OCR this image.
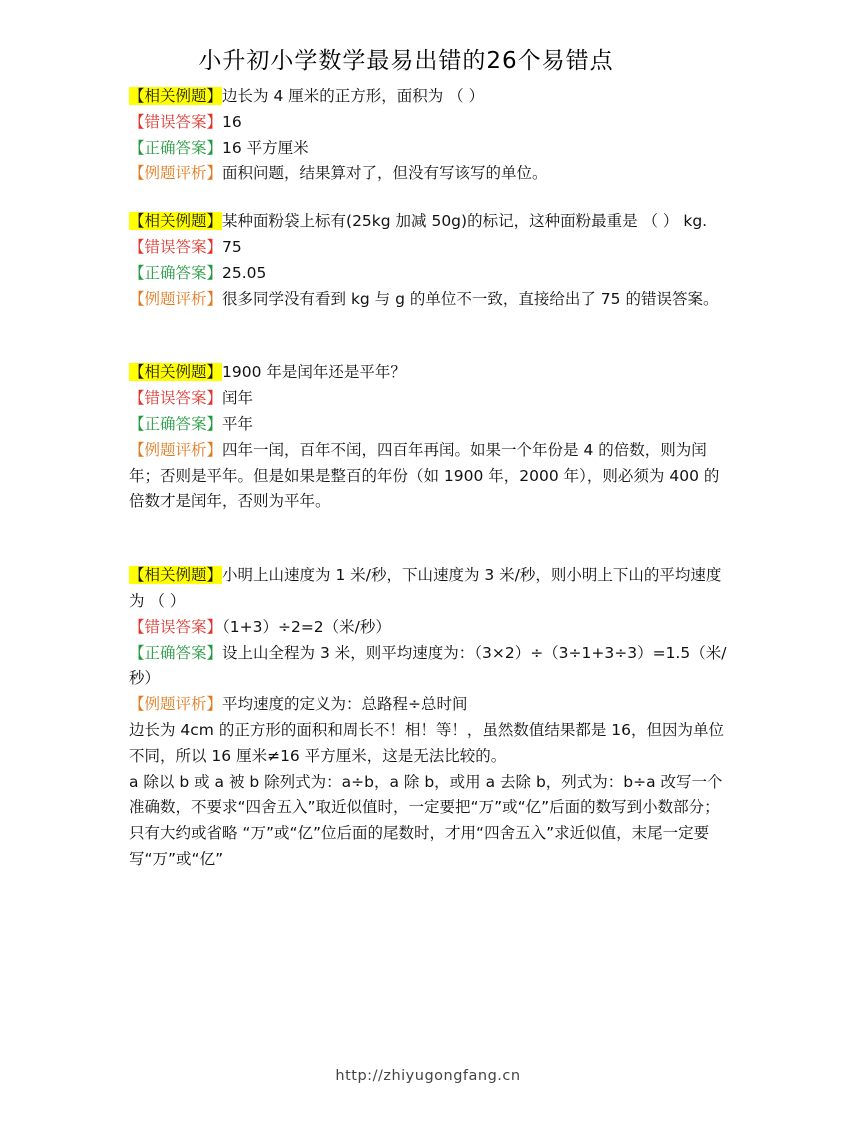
小升初小学数学最易出错的26个易错点

【相关例题】边长为 4 厘米的正方形，面积为 （ ）

【错误答案】16

【正确答案】16 平方厘米

【例题评析】面积问题，结果算对了，但没有写该写的单位。

【相关例题】某种面粉袋上标有(25kg 加减 50g)的标记，这种面粉最重是 （ ） kg.

【错误答案】75

【正确答案】25.05

【例题评析】很多同学没有看到 kg 与 g 的单位不一致，直接给出了 75 的错误答案。

【相关例题】1900 年是闰年还是平年？

【错误答案】闰年

【正确答案】平年

【例题评析】四年一闰，百年不闰，四百年再闰。如果一个年份是 4 的倍数，则为闰年；否则是平年。但是如果是整百的年份（如 1900 年，2000 年），则必须为 400 的倍数才是闰年，否则为平年。

【相关例题】小明上山速度为 1 米/秒，下山速度为 3 米/秒，则小明上下山的平均速度为 （ ）

【错误答案】（1+3）÷2=2（米/秒）

【正确答案】设上山全程为 3 米，则平均速度为：（3×2）÷（3÷1+3÷3）=1.5（米/秒）

【例题评析】平均速度的定义为：总路程÷总时间

边长为 4cm 的正方形的面积和周长不！相！等！，虽然数值结果都是 16，但因为单位不同，所以 16 厘米≠16 平方厘米，这是无法比较的。

a 除以 b 或 a 被 b 除列式为：a÷b，a 除 b，或用 a 去除 b，列式为：b÷a 改写一个准确数，不要求“四舍五入”取近似值时，一定要把“万”或“亿”后面的数写到小数部分；只有大约或省略 “万”或“亿”位后面的尾数时，才用“四舍五入”求近似值，末尾一定要写“万”或“亿”

http://zhiyugongfang.cn
